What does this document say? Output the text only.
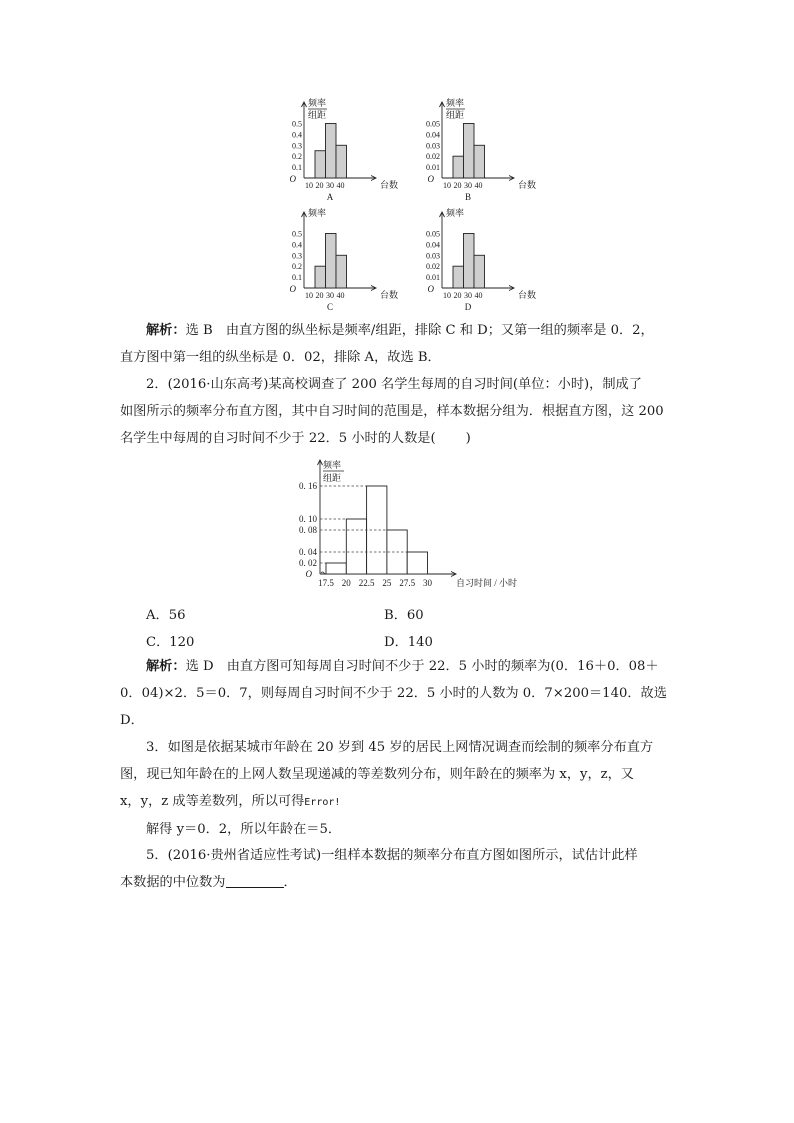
频率
组距
0.5
0.4
0.3
0.2
0.1
O
10 20 30 40	台数
A
频率
组距
0.05
0.04
0.03
0.02
0.01
O
10 20 30 40	台数
B
频率
0.5
0.4
0.3
0.2
0.1
O
10 20 30 40	台数
C
频率
0.05
0.04
0.03
0.02
0.01
O
10 20 30 40	台数
D
解析：选 B　由直方图的纵坐标是频率/组距，排除 C 和 D；又第一组的频率是 0．2，
直方图中第一组的纵坐标是 0．02，排除 A，故选 B．
2．(2016·山东高考)某高校调查了 200 名学生每周的自习时间(单位：小时)，制成了
如图所示的频率分布直方图，其中自习时间的范围是，样本数据分组为．根据直方图，这 200
名学生中每周的自习时间不少于 22．5 小时的人数是( )
频率
组距
O
0. 16
0. 10
0. 08
0. 04
0. 02
17.5 20 22.5 25 27.5 30	自习时间 / 小时
A．56	B．60
C．120	D．140
解析：选 D　由直方图可知每周自习时间不少于 22．5 小时的频率为(0．16＋0．08＋
0．04)×2．5＝0．7，则每周自习时间不少于 22．5 小时的人数为 0．7×200＝140．故选
D．
3．如图是依据某城市年龄在 20 岁到 45 岁的居民上网情况调查而绘制的频率分布直方
图，现已知年龄在的上网人数呈现递减的等差数列分布，则年龄在的频率为 x，y，z，又
x，y，z 成等差数列，所以可得Error!
解得 y＝0．2，所以年龄在＝5．
5．(2016·贵州省适应性考试)一组样本数据的频率分布直方图如图所示，试估计此样
本数据的中位数为	．
